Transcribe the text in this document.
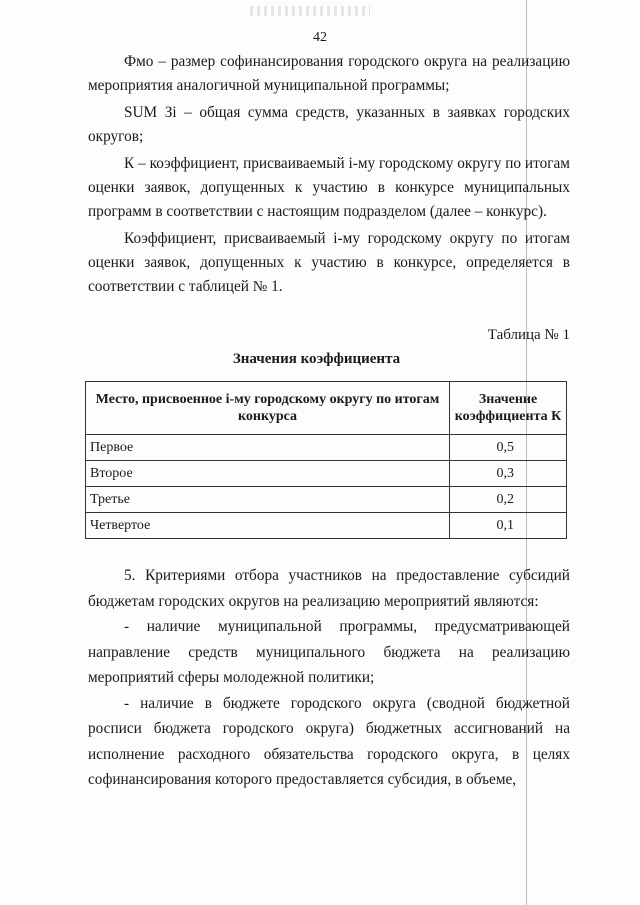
42

Фмо – размер софинансирования городского округа на реализацию мероприятия аналогичной муниципальной программы;

SUM Зi – общая сумма средств, указанных в заявках городских округов;

К – коэффициент, присваиваемый i-му городскому округу по итогам оценки заявок, допущенных к участию в конкурсе муниципальных программ в соответствии с настоящим подразделом (далее – конкурс).

Коэффициент, присваиваемый i-му городскому округу по итогам оценки заявок, допущенных к участию в конкурсе, определяется в соответствии с таблицей № 1.

Таблица № 1
Значения коэффициента
Место, присвоенное i-му городскому округу по итогам конкурса	Значение коэффициента К
Первое	0,5
Второе	0,3
Третье	0,2
Четвертое	0,1

5. Критериями отбора участников на предоставление субсидий бюджетам городских округов на реализацию мероприятий являются:

- наличие муниципальной программы, предусматривающей направление средств муниципального бюджета на реализацию мероприятий сферы молодежной политики;

- наличие в бюджете городского округа (сводной бюджетной росписи бюджета городского округа) бюджетных ассигнований на исполнение расходного обязательства городского округа, в целях софинансирования которого предоставляется субсидия, в объеме,
